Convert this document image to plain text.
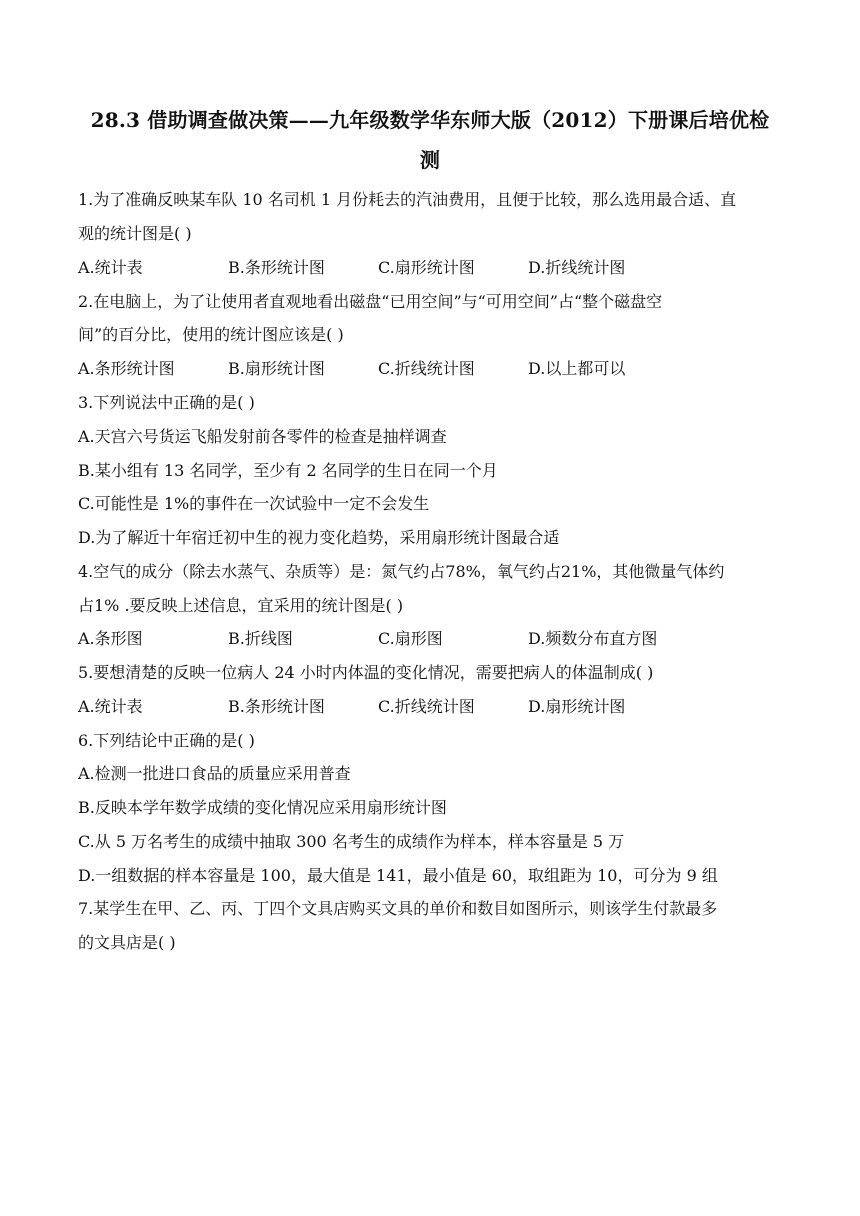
28.3 借助调查做决策——九年级数学华东师大版（2012）下册课后培优检
测
1.为了准确反映某车队 10 名司机 1 月份耗去的汽油费用，且便于比较，那么选用最合适、直
观的统计图是( )
A.统计表	B.条形统计图	C.扇形统计图	D.折线统计图
2.在电脑上，为了让使用者直观地看出磁盘“已用空间”与“可用空间”占“整个磁盘空
间”的百分比，使用的统计图应该是( )
A.条形统计图	B.扇形统计图	C.折线统计图	D.以上都可以
3.下列说法中正确的是( )
A.天宫六号货运飞船发射前各零件的检查是抽样调查
B.某小组有 13 名同学，至少有 2 名同学的生日在同一个月
C.可能性是 1%的事件在一次试验中一定不会发生
D.为了解近十年宿迁初中生的视力变化趋势，采用扇形统计图最合适
4.空气的成分（除去水蒸气、杂质等）是：氮气约占78%，氧气约占21%，其他微量气体约
占1% .要反映上述信息，宜采用的统计图是( )
A.条形图	B.折线图	C.扇形图	D.频数分布直方图
5.要想清楚的反映一位病人 24 小时内体温的变化情况，需要把病人的体温制成( )
A.统计表	B.条形统计图	C.折线统计图	D.扇形统计图
6.下列结论中正确的是( )
A.检测一批进口食品的质量应采用普查
B.反映本学年数学成绩的变化情况应采用扇形统计图
C.从 5 万名考生的成绩中抽取 300 名考生的成绩作为样本，样本容量是 5 万
D.一组数据的样本容量是 100，最大值是 141，最小值是 60，取组距为 10，可分为 9 组
7.某学生在甲、乙、丙、丁四个文具店购买文具的单价和数目如图所示，则该学生付款最多
的文具店是( )
